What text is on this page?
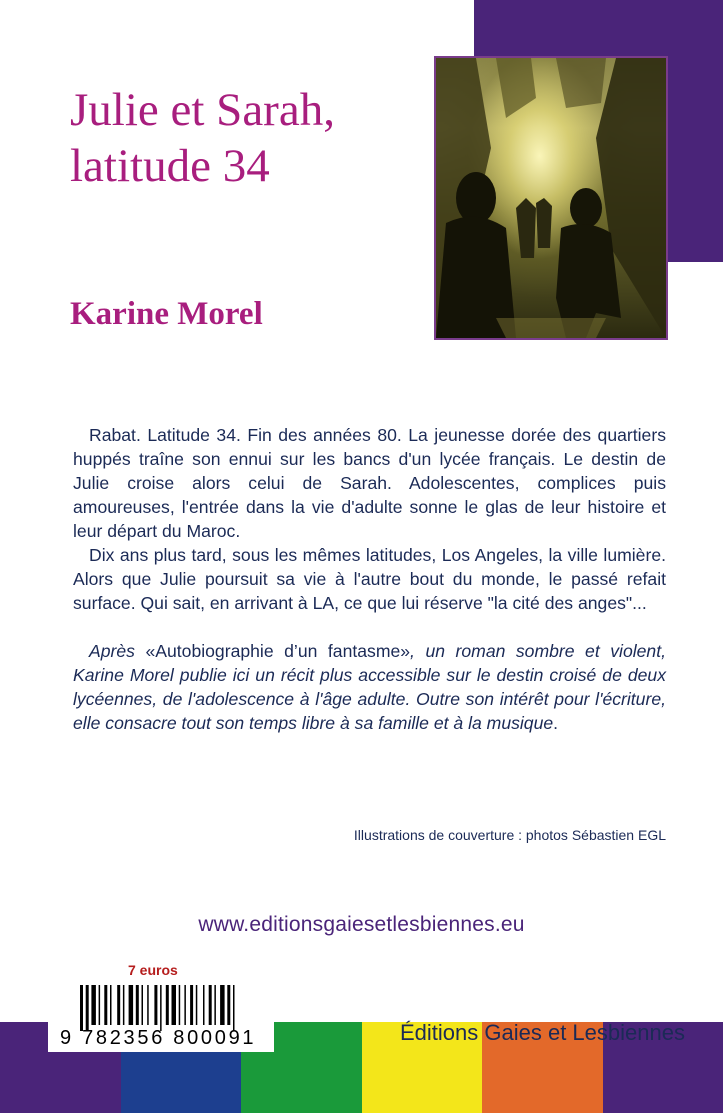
Julie et Sarah,
latitude 34
Karine Morel

Rabat. Latitude 34. Fin des années 80. La jeunesse dorée des quartiers huppés traîne son ennui sur les bancs d'un lycée français. Le destin de Julie croise alors celui de Sarah. Adolescentes, complices puis amoureuses, l'entrée dans la vie d'adulte sonne le glas de leur histoire et leur départ du Maroc.

Dix ans plus tard, sous les mêmes latitudes, Los Angeles, la ville lumière. Alors que Julie poursuit sa vie à l'autre bout du monde, le passé refait surface. Qui sait, en arrivant à LA, ce que lui réserve "la cité des anges"...

Après «Autobiographie d’un fantasme», un roman sombre et violent, Karine Morel publie ici un récit plus accessible sur le destin croisé de deux lycéennes, de l'adolescence à l'âge adulte. Outre son intérêt pour l'écriture, elle consacre tout son temps libre à sa famille et à la musique.

Illustrations de couverture : photos Sébastien EGL
www.editionsgaiesetlesbiennes.eu
7 euros
9 782356 800091	Éditions Gaies et Lesbiennes
